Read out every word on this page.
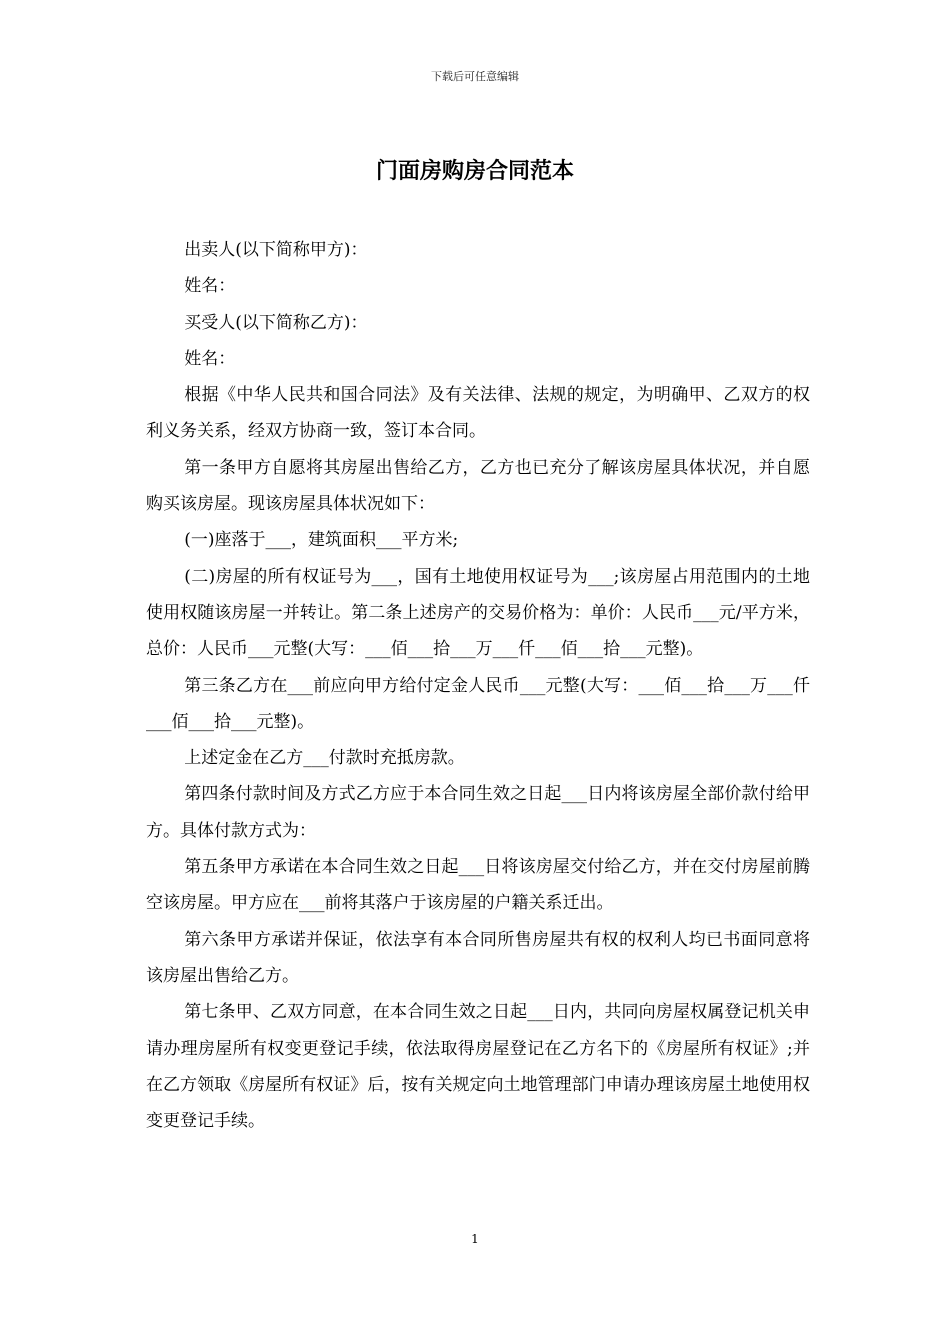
下载后可任意编辑
门面房购房合同范本

出卖人(以下简称甲方)：

姓名：

买受人(以下简称乙方)：

姓名：

根据《中华人民共和国合同法》及有关法律、法规的规定，为明确甲、乙双方的权利义务关系，经双方协商一致，签订本合同。

第一条甲方自愿将其房屋出售给乙方，乙方也已充分了解该房屋具体状况，并自愿购买该房屋。现该房屋具体状况如下：

(一)座落于___，建筑面积___平方米;

(二)房屋的所有权证号为___，国有土地使用权证号为___;该房屋占用范围内的土地使用权随该房屋一并转让。第二条上述房产的交易价格为：单价：人民币___元/平方米，总价：人民币___元整(大写：___佰___拾___万___仟___佰___拾___元整)。

第三条乙方在___前应向甲方给付定金人民币___元整(大写：___佰___拾___万___仟___佰___拾___元整)。

上述定金在乙方___付款时充抵房款。

第四条付款时间及方式乙方应于本合同生效之日起___日内将该房屋全部价款付给甲方。具体付款方式为：

第五条甲方承诺在本合同生效之日起___日将该房屋交付给乙方，并在交付房屋前腾空该房屋。甲方应在___前将其落户于该房屋的户籍关系迁出。

第六条甲方承诺并保证，依法享有本合同所售房屋共有权的权利人均已书面同意将该房屋出售给乙方。

第七条甲、乙双方同意，在本合同生效之日起___日内，共同向房屋权属登记机关申请办理房屋所有权变更登记手续，依法取得房屋登记在乙方名下的《房屋所有权证》;并在乙方领取《房屋所有权证》后，按有关规定向土地管理部门申请办理该房屋土地使用权变更登记手续。

1
